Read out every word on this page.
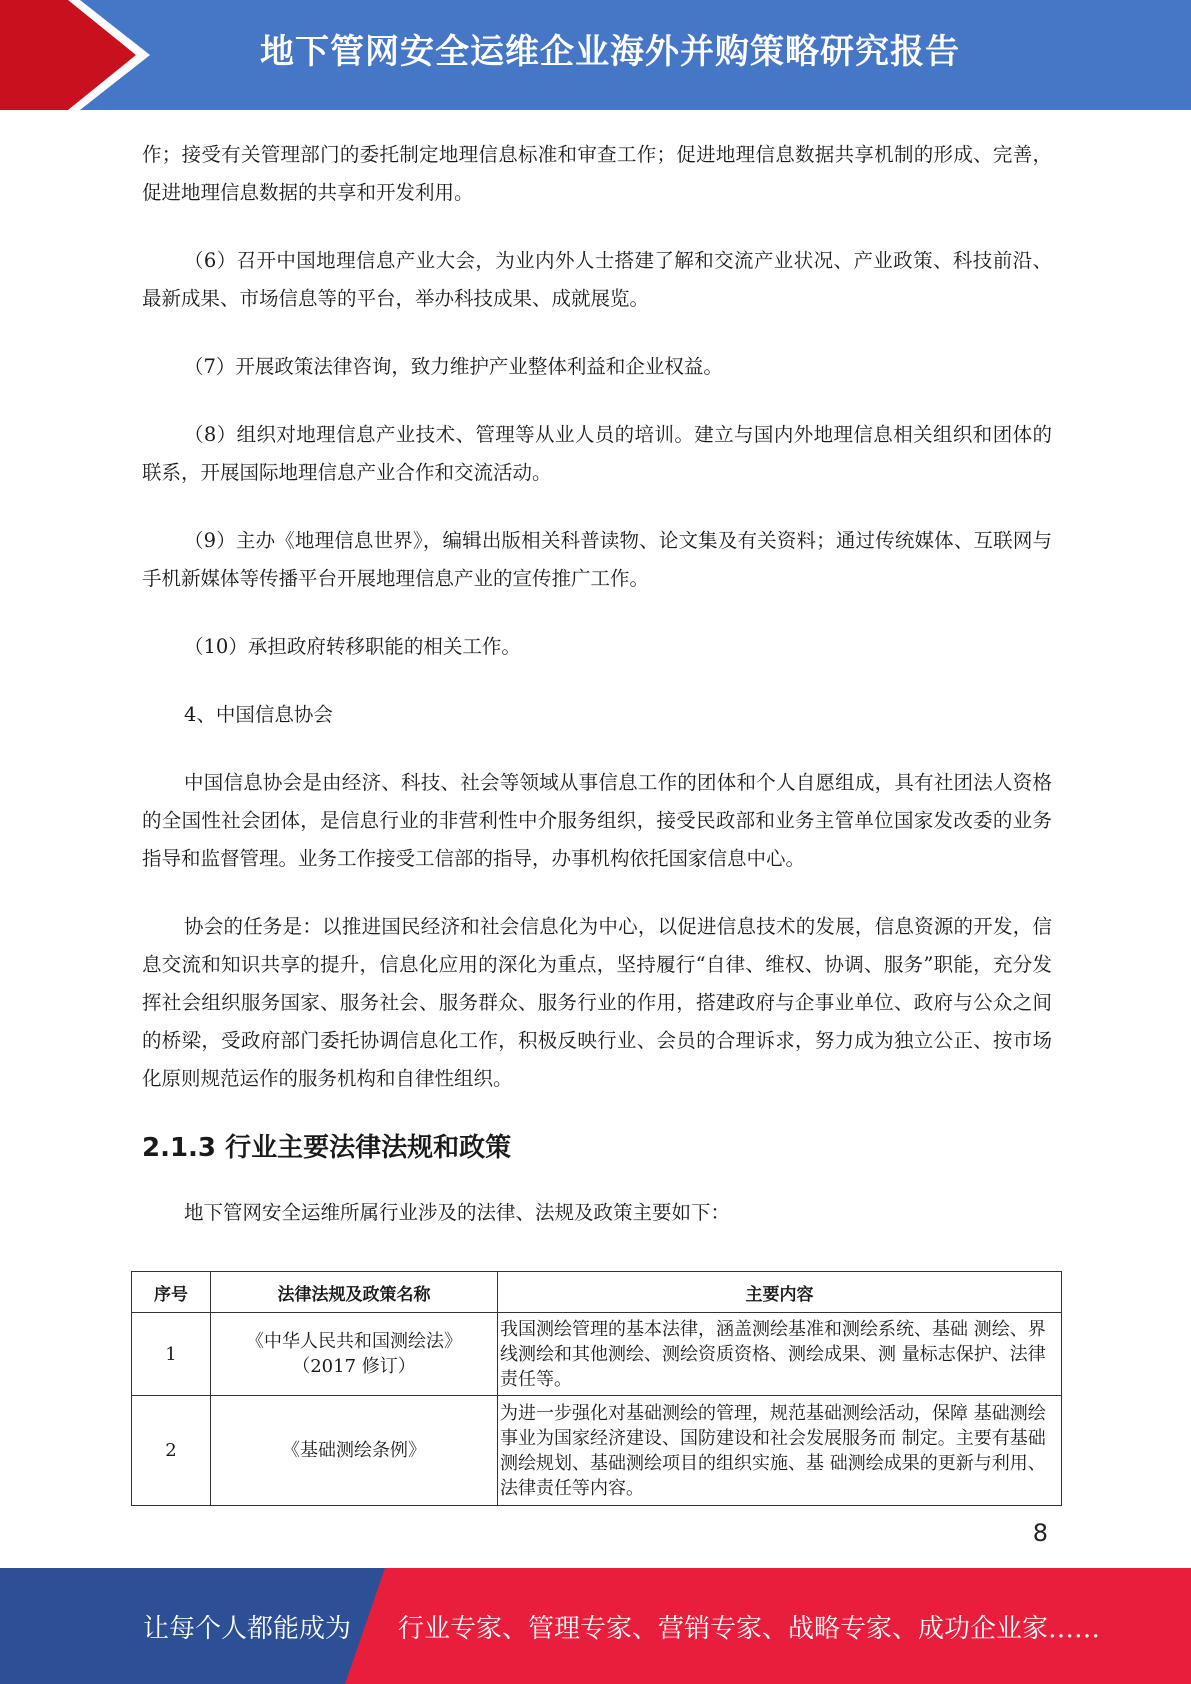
地下管网安全运维企业海外并购策略研究报告

作；接受有关管理部门的委托制定地理信息标准和审查工作；促进地理信息数据共享机制的形成、完善，促进地理信息数据的共享和开发利用。

（6）召开中国地理信息产业大会，为业内外人士搭建了解和交流产业状况、产业政策、科技前沿、最新成果、市场信息等的平台，举办科技成果、成就展览。

（7）开展政策法律咨询，致力维护产业整体利益和企业权益。

（8）组织对地理信息产业技术、管理等从业人员的培训。建立与国内外地理信息相关组织和团体的联系，开展国际地理信息产业合作和交流活动。

（9）主办《地理信息世界》，编辑出版相关科普读物、论文集及有关资料；通过传统媒体、互联网与手机新媒体等传播平台开展地理信息产业的宣传推广工作。

（10）承担政府转移职能的相关工作。

4、中国信息协会

中国信息协会是由经济、科技、社会等领域从事信息工作的团体和个人自愿组成，具有社团法人资格的全国性社会团体，是信息行业的非营利性中介服务组织，接受民政部和业务主管单位国家发改委的业务指导和监督管理。业务工作接受工信部的指导，办事机构依托国家信息中心。

协会的任务是：以推进国民经济和社会信息化为中心，以促进信息技术的发展，信息资源的开发，信息交流和知识共享的提升，信息化应用的深化为重点，坚持履行“自律、维权、协调、服务”职能，充分发挥社会组织服务国家、服务社会、服务群众、服务行业的作用，搭建政府与企事业单位、政府与公众之间的桥梁，受政府部门委托协调信息化工作，积极反映行业、会员的合理诉求，努力成为独立公正、按市场化原则规范运作的服务机构和自律性组织。

2.1.3 行业主要法律法规和政策

地下管网安全运维所属行业涉及的法律、法规及政策主要如下：

序号	法律法规及政策名称	主要内容
1	《中华人民共和国测绘法》
（2017 修订）	我国测绘管理的基本法律，涵盖测绘基准和测绘系统、基础 测绘、界线测绘和其他测绘、测绘资质资格、测绘成果、测 量标志保护、法律责任等。
2	《基础测绘条例》	为进一步强化对基础测绘的管理，规范基础测绘活动，保障 基础测绘事业为国家经济建设、国防建设和社会发展服务而 制定。主要有基础测绘规划、基础测绘项目的组织实施、基 础测绘成果的更新与利用、法律责任等内容。
8
让每个人都能成为 行业专家、管理专家、营销专家、战略专家、成功企业家……
